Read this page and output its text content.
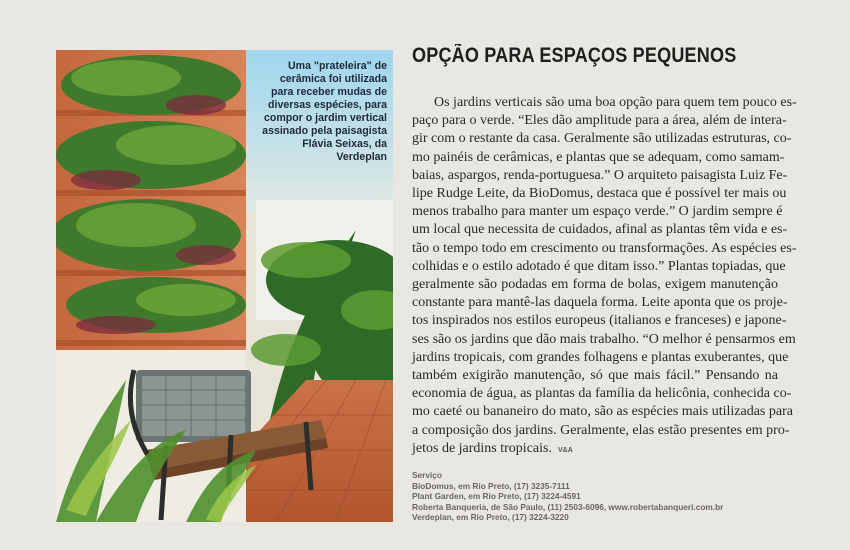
Uma "prateleira" de cerâmica foi utilizada para receber mudas de diversas espécies, para compor o jardim vertical assinado pela paisagista Flávia Seixas, da Verdeplan
OPÇÃO PARA ESPAÇOS PEQUENOS
Os jardins verticais são uma boa opção para quem tem pouco es-
paço para o verde. “Eles dão amplitude para a área, além de intera-
gir com o restante da casa. Geralmente são utilizadas estruturas, co-
mo painéis de cerâmicas, e plantas que se adequam, como samam-
baias, aspargos, renda-portuguesa.” O arquiteto paisagista Luiz Fe-
lipe Rudge Leite, da BioDomus, destaca que é possível ter mais ou
menos trabalho para manter um espaço verde.” O jardim sempre é
um local que necessita de cuidados, afinal as plantas têm vida e es-
tão o tempo todo em crescimento ou transformações. As espécies es-
colhidas e o estilo adotado é que ditam isso.” Plantas topiadas, que
geralmente são podadas em forma de bolas, exigem manutenção
constante para mantê-las daquela forma. Leite aponta que os proje-
tos inspirados nos estilos europeus (italianos e franceses) e japone-
ses são os jardins que dão mais trabalho. “O melhor é pensarmos em
jardins tropicais, com grandes folhagens e plantas exuberantes, que
também exigirão manutenção, só que mais fácil.” Pensando na
economia de água, as plantas da família da helicônia, conhecida co-
mo caeté ou bananeiro do mato, são as espécies mais utilizadas para
a composição dos jardins. Geralmente, elas estão presentes em pro-
jetos de jardins tropicais. V&A
Serviço
BioDomus, em Rio Preto, (17) 3235-7111
Plant Garden, em Rio Preto, (17) 3224-4591
Roberta Banqueria, de São Paulo, (11) 2503-6096, www.robertabanqueri.com.br
Verdeplan, em Rio Preto, (17) 3224-3220
